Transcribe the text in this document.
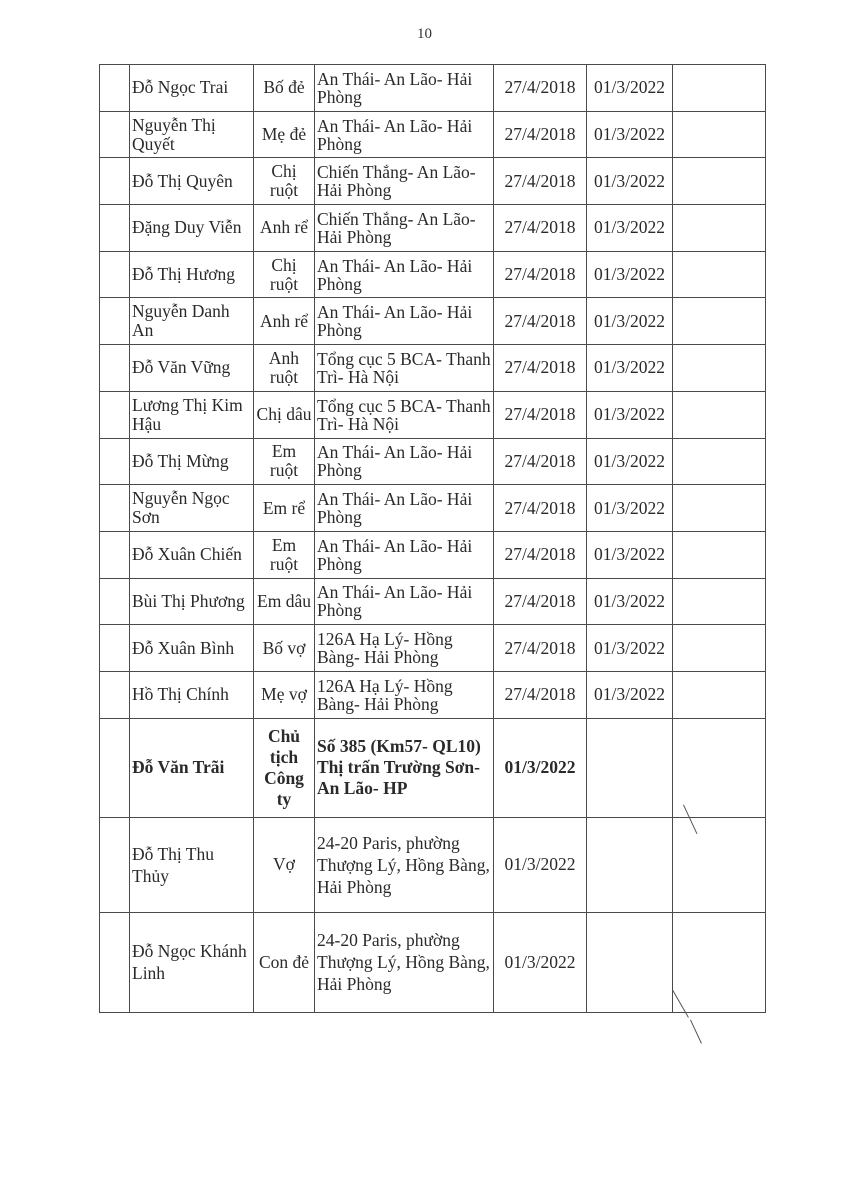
10
	Đỗ Ngọc Trai	Bố đẻ	An Thái- An Lão- Hải Phòng	27/4/2018	01/3/2022	
	Nguyễn Thị Quyết	Mẹ đẻ	An Thái- An Lão- Hải Phòng	27/4/2018	01/3/2022	
	Đỗ Thị Quyên	Chị ruột	Chiến Thắng- An Lão- Hải Phòng	27/4/2018	01/3/2022	
	Đặng Duy Viễn	Anh rể	Chiến Thắng- An Lão- Hải Phòng	27/4/2018	01/3/2022	
	Đỗ Thị Hương	Chị ruột	An Thái- An Lão- Hải Phòng	27/4/2018	01/3/2022	
	Nguyễn Danh An	Anh rể	An Thái- An Lão- Hải Phòng	27/4/2018	01/3/2022	
	Đỗ Văn Vững	Anh ruột	Tổng cục 5 BCA- Thanh Trì- Hà Nội	27/4/2018	01/3/2022	
	Lương Thị Kim Hậu	Chị dâu	Tổng cục 5 BCA- Thanh Trì- Hà Nội	27/4/2018	01/3/2022	
	Đỗ Thị Mừng	Em ruột	An Thái- An Lão- Hải Phòng	27/4/2018	01/3/2022	
	Nguyễn Ngọc Sơn	Em rể	An Thái- An Lão- Hải Phòng	27/4/2018	01/3/2022	
	Đỗ Xuân Chiến	Em ruột	An Thái- An Lão- Hải Phòng	27/4/2018	01/3/2022	
	Bùi Thị Phương	Em dâu	An Thái- An Lão- Hải Phòng	27/4/2018	01/3/2022	
	Đỗ Xuân Bình	Bố vợ	126A Hạ Lý- Hồng Bàng- Hải Phòng	27/4/2018	01/3/2022	
	Hồ Thị Chính	Mẹ vợ	126A Hạ Lý- Hồng Bàng- Hải Phòng	27/4/2018	01/3/2022	
	Đỗ Văn Trãi	Chủ tịch Công ty	Số 385 (Km57- QL10) Thị trấn Trường Sơn- An Lão- HP	01/3/2022		
	Đỗ Thị Thu Thủy	Vợ	24-20 Paris, phường Thượng Lý, Hồng Bàng, Hải Phòng	01/3/2022		
	Đỗ Ngọc Khánh Linh	Con đẻ	24-20 Paris, phường Thượng Lý, Hồng Bàng, Hải Phòng	01/3/2022		
